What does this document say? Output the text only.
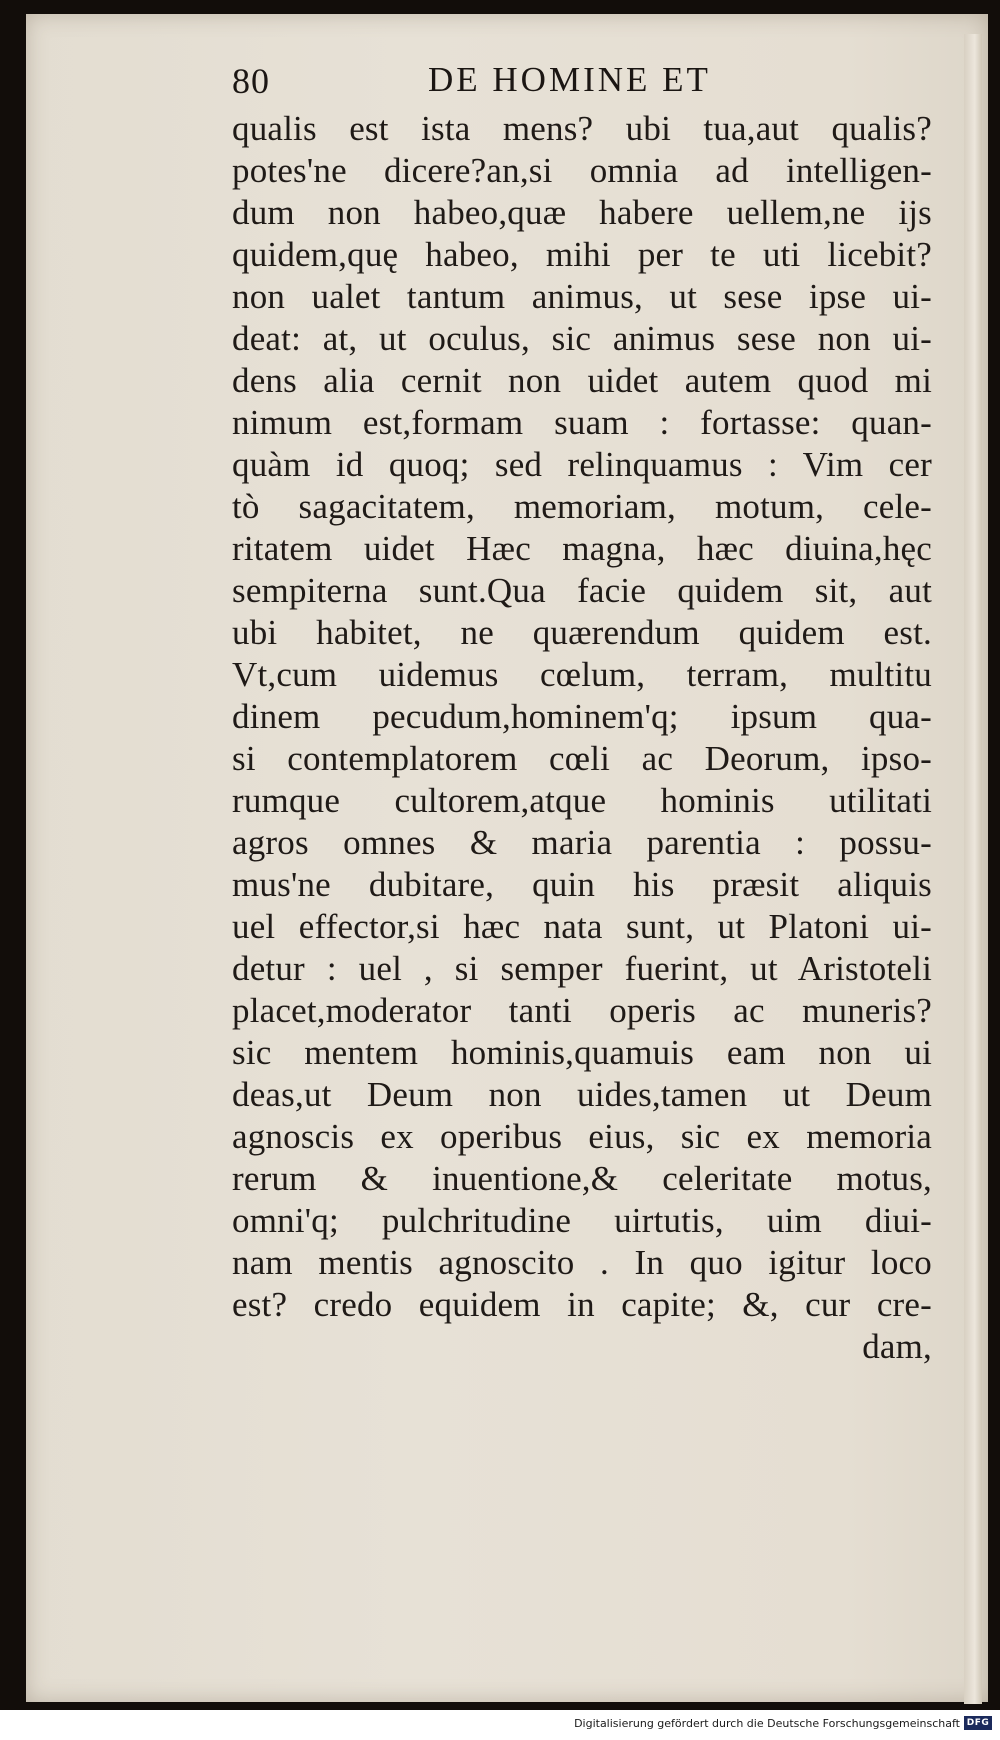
80	DE HOMINE ET
qualis est ista mens? ubi tua,aut qualis?
potes'ne dicere?an,si omnia ad intelligen-
dum non habeo,quæ habere uellem,ne ijs
quidem,quę habeo, mihi per te uti licebit?
non ualet tantum animus, ut sese ipse ui-
deat: at, ut oculus, sic animus sese non ui-
dens alia cernit non uidet autem quod mi
nimum est,formam suam : fortasse: quan-
quàm id quoq; sed relinquamus : Vim cer
tò sagacitatem, memoriam, motum, cele-
ritatem uidet Hæc magna, hæc diuina,hęc
sempiterna sunt.Qua facie quidem sit, aut
ubi habitet, ne quærendum quidem est.
Vt,cum uidemus cœlum, terram, multitu
dinem pecudum,hominem'q; ipsum qua-
si contemplatorem cœli ac Deorum, ipso-
rumque cultorem,atque hominis utilitati
agros omnes & maria parentia : possu-
mus'ne dubitare, quin his præsit aliquis
uel effector,si hæc nata sunt, ut Platoni ui-
detur : uel , si semper fuerint, ut Aristoteli
placet,moderator tanti operis ac muneris?
sic mentem hominis,quamuis eam non ui
deas,ut Deum non uides,tamen ut Deum
agnoscis ex operibus eius, sic ex memoria
rerum & inuentione,& celeritate motus,
omni'q; pulchritudine uirtutis, uim diui-
nam mentis agnoscito . In quo igitur loco
est? credo equidem in capite; &, cur cre-
dam,
Digitalisierung gefördert durch die Deutsche Forschungsgemeinschaft DFG
